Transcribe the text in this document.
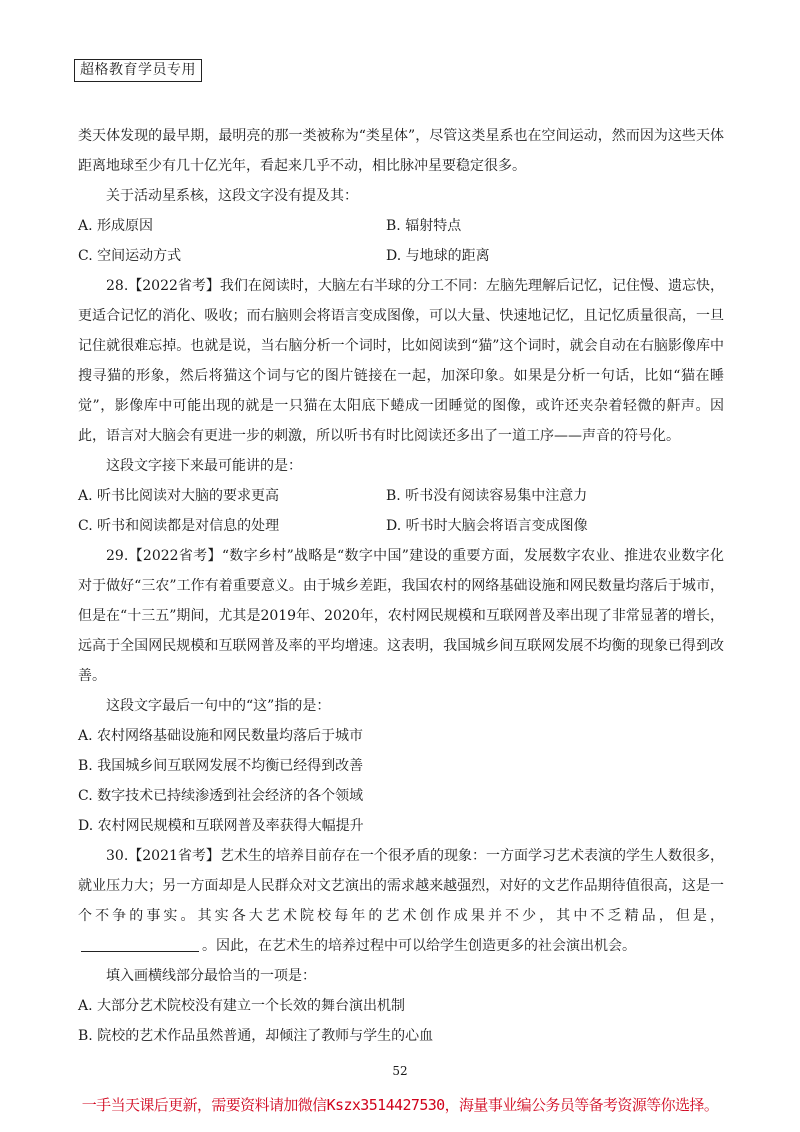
超格教育学员专用

类天体发现的最早期，最明亮的那一类被称为“类星体”，尽管这类星系也在空间运动，然而因为这些天体距离地球至少有几十亿光年，看起来几乎不动，相比脉冲星要稳定很多。

关于活动星系核，这段文字没有提及其：

A. 形成原因	B. 辐射特点
C. 空间运动方式	D. 与地球的距离

28.【2022省考】我们在阅读时，大脑左右半球的分工不同：左脑先理解后记忆，记住慢、遗忘快，更适合记忆的消化、吸收；而右脑则会将语言变成图像，可以大量、快速地记忆，且记忆质量很高，一旦记住就很难忘掉。也就是说，当右脑分析一个词时，比如阅读到“猫”这个词时，就会自动在右脑影像库中搜寻猫的形象，然后将猫这个词与它的图片链接在一起，加深印象。如果是分析一句话，比如“猫在睡觉”，影像库中可能出现的就是一只猫在太阳底下蜷成一团睡觉的图像，或许还夹杂着轻微的鼾声。因此，语言对大脑会有更进一步的刺激，所以听书有时比阅读还多出了一道工序——声音的符号化。

这段文字接下来最可能讲的是：

A. 听书比阅读对大脑的要求更高	B. 听书没有阅读容易集中注意力
C. 听书和阅读都是对信息的处理	D. 听书时大脑会将语言变成图像

29.【2022省考】“数字乡村”战略是“数字中国”建设的重要方面，发展数字农业、推进农业数字化对于做好“三农”工作有着重要意义。由于城乡差距，我国农村的网络基础设施和网民数量均落后于城市，但是在“十三五”期间，尤其是2019年、2020年，农村网民规模和互联网普及率出现了非常显著的增长，远高于全国网民规模和互联网普及率的平均增速。这表明，我国城乡间互联网发展不均衡的现象已得到改善。

这段文字最后一句中的“这”指的是：

A. 农村网络基础设施和网民数量均落后于城市
B. 我国城乡间互联网发展不均衡已经得到改善
C. 数字技术已持续渗透到社会经济的各个领域
D. 农村网民规模和互联网普及率获得大幅提升

30.【2021省考】艺术生的培养目前存在一个很矛盾的现象：一方面学习艺术表演的学生人数很多，就业压力大；另一方面却是人民群众对文艺演出的需求越来越强烈，对好的文艺作品期待值很高，这是一个不争的事实。其实各大艺术院校每年的艺术创作成果并不少，其中不乏精品，但是，。因此，在艺术生的培养过程中可以给学生创造更多的社会演出机会。

填入画横线部分最恰当的一项是：

A. 大部分艺术院校没有建立一个长效的舞台演出机制
B. 院校的艺术作品虽然普通，却倾注了教师与学生的心血
52
一手当天课后更新，需要资料请加微信Kszx3514427530，海量事业编公务员等备考资源等你选择。
